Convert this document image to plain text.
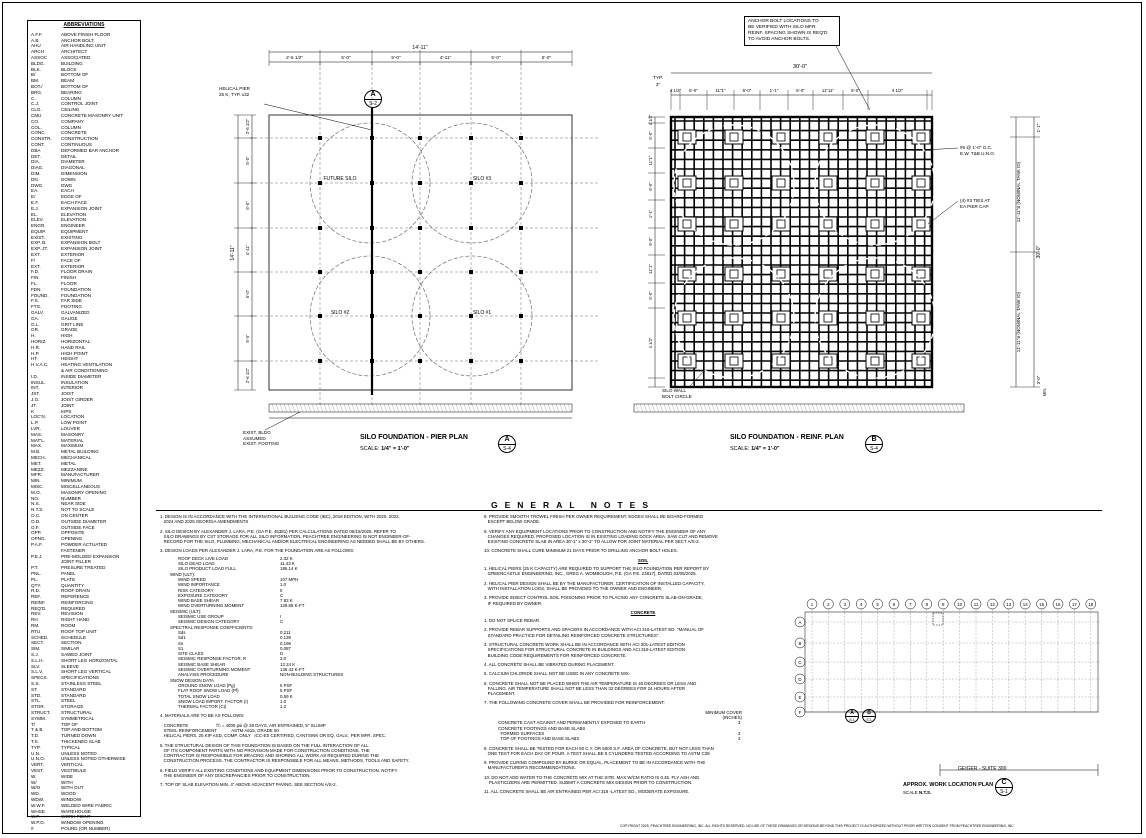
ABBREVIATIONS
A.F.F.	ABOVE FINISH FLOOR
A.B.	ANCHOR BOLT
AHU	AIR HANDLING UNIT
ARCH	ARCHITECT
ASSOC	ASSOCIATED
BLDG.	BUILDING
BLK.	BLOCK
B/	BOTTOM OF
BM.	BEAM
BOT./	BOTTOM OF
BRG.	BEARING
C.	COLUMN
C.J.	CONTROL JOINT
CLG.	CEILING
CMU	CONCRETE MASONRY UNIT
CO.	COMPANY
COL.	COLUMN
CONC.	CONCRETE
CONSTR.	CONSTRUCTION
CONT.	CONTINUOUS
DBA	DEFORMED BAR ANCHOR
DET.	DETAIL
DIA.	DIAMETER
DIAG.	DIAGONAL
DIM.	DIMENSION
DN.	DOWN
DWG	DWG
EA.	EACH
E/	EDGE OF
E.F.	EACH FACE
E.J.	EXPANSION JOINT
EL.	ELEVATION
ELEV.	ELEVATION
ENGR.	ENGINEER
EQUIP.	EQUIPMENT
EXIST.	EXISTING
EXP. B.	EXPANSION BOLT
EXP. JT.	EXPANSION JOINT
EXT.	EXTERIOR
F/	FACE OF
EXT.	EXTERIOR
F.D.	FLOOR DRAIN
FIN.	FINISH
FL.	FLOOR
FDN.	FOUNDATION
FOUND.	FOUNDATION
F.S.	FAR SIDE
FTG.	FOOTING
GALV.	GALVANIZED
GA.	GAUGE
G.L.	GRIT LINE
GR.	GRADE
H.	HIGH
HORIZ.	HORIZONTAL
H.R.	HAND RAIL
H.P.	HIGH POINT
HT.	HEIGHT
H.V.A.C.	HEATING VENTILATION
& AIR CONDITIONING
I.D.	INSIDE DIAMETER
INSUL.	INSULATION
INT.	INTERIOR
JST.	JOIST
J.G.	JOIST GIRDER
JT.	JOINT
K	KIPS
LOC'N.	LOCATION
L.P.	LOW POINT
LVR.	LOUVER
MAS.	MASONRY
MAT'L.	MATERIAL
MAX.	MAXIMUM
M.B.	METAL BUILDING
MECH.	MECHANICAL
MET.	METAL
MEZZ.	MEZZANINE
MFR.	MANUFACTURER
MIN.	MINIMUM
MISC.	MISCELLANEOUS
M.O.	MASONRY OPENING
NO.	NUMBER
N.S.	NEAR SIDE
N.T.S.	NOT TO SCALE
O.C.	ON CENTER
O.D.	OUTSIDE DIAMETER
O.F.	OUTSIDE FACE
OPP.	OPPOSITE
OPNG.	OPENING
P.A.F.	POWDER ACTUATED
FASTENER
P.E.J.	PRE-MOLDED EXPANSION
JOINT FILLER
P.T.	PRESURE TREATED
PNL.	PANEL
PL.	PLATE
QTY.	QUANTITY
R.D.	ROOF DRAIN
REF.	REFERENCE
REINF.	REINFORCING
REQ'D.	REQUIRED
REV.	REVISION
RH	RIGHT HAND
RM.	ROOM
RTU	ROOF TOP UNIT
SCHED.	SCHEDULE
SECT.	SECTION
SIM.	SIMILAR
S.J.	SAWED JOINT
S.L.H.	SHORT LEG HORIZONTAL
SLV.	SLEEVE
S.L.V.	SHORT LEG VERTICAL
SPECS.	SPECIFICATIONS
S.S.	STAINLESS STEEL
ST.	STANDARD
STD.	STANDARD
STL.	STEEL
STOR.	STORAGE
STRUCT.	STRUCTURAL
SYMM.	SYMMETRICAL
T/	TOP OF
T & B	TOP AND BOTTOM
T.D.	TURNED DOWN
T.S.	THICKENED SLAB
TYP.	TYPICAL
U.N.	UNLESS NOTED
U.N.O.	UNLESS NOTED OTHERWISE
VERT.	VERTICAL
VEST.	VESTIBULE
W.	WIDE
W/	WITH
W/O	WITH OUT
WD.	WOOD
WDW.	WINDOW
W.W.F.	WELDED WIRE FABRIC
WHSE.	WAREHOUSE
W.P.	WORK POINT
W.P.O.	WINDOW OPENING
#	POUND (OR NUMBER)
FUTURE SILO	SILO #3
SILO #2	SILO #1
14'-11"
2'-6 1/2"	5'-0"	5'-0"	4'-11"	5'-0"	5'-0"
14'-11"
2'-6 1/2"
5'-0"
5'-0"
4'-11"
5'-0"
5'-0"
2'-6 1/2"
30'-0"
4 1/2" 6'-0"	11"1"	6'-0"	1'-1"	6'-0"	11"11"	6'-0"	4 1/2"
TYP.
3"
4 1/2"
6'-0"
11"1"
6'-0"
1'-1"
6'-0"
11"1"
6'-0"
4 1/2"
30'-0"
11'-11"ø (NOMINAL TANK ID)
11'-11"ø (NOMINAL TANK ID)
1'-1"
3'-0"
MIN.
1	2	3	4	5	6	7	8	9	10	11	12	13	14	15	16	17	18
A
B
C
D
E
F
SILO FOUNDATION - PIER PLAN
SCALE: 1/4" = 1'-0"
A
S-4
A
S-2
HELICAL PIER
25 K, TYP. x32
EXIST. BLDG
ASSUMED
EXIST. FOOTING
SILO FOUNDATION - REINF. PLAN
SCALE: 1/4" = 1'-0"
B
S-4
ANCHOR BOLT LOCATIONS TO
BE VERIFIED WITH SILO MFR.
REINF. SPACING SHOWN IS REQ'D
TO AVOID ANCHOR BOLTS.
#6 @ 1'-0" O.C.
E.W. T&B U.N.O.
(4) #3 TIES AT
EA PIER CAP.
SILO WALL
BOLT CIRCLE
GENERAL NOTES

1. DESIGN IS IN ACCORDANCE WITH THE INTERNATIONAL BUILDING CODE (IBC), 2018 EDITION, WITH 2020, 2022,
2024 AND 2025 GEORGIA AMENDMENTS

2. SILO DESIGN BY ALEXANDER J. LARA, P.E. (GA P.E. 45381) PER CALCULATIONS DATED 05/15/2025. REFER TO
SILO DRAWINGS BY CST STORAGE FOR ALL SILO INFORMATION. PEACHTREE ENGINEERING IS NOT ENGINEER-OF-
RECORD FOR THE SILO, PLUMBING, MECHANICAL AND/OR ELECTRICAL ENGINEERING AS NEEDED SHALL BE BY OTHERS.

3. DESIGN LOADS PER ALEXANDER J. LARA, P.E. FOR THE FOUNDATION ARE AS FOLLOWS:

ROOF DECK LIVE LOAD	2.32 K
SILO DEAD LOAD	11.43 K
SILO PRODUCT LOAD FULL	186.14 K
WIND (ULT):
WIND SPEED	107 MPH
WIND IMPORTANCE	1.0
RISK CATEGORY	II
EXPOSURE CATEGORY	C
WIND BASE SHEAR	7.93 K
WIND OVERTURNING MOMENT	129.85 K-FT
SEISMIC (ULT):
SEISMIC USE GROUP	I
SEISMIC DESIGN CATEGORY	C
SPECTRAL RESPONSE COEFFICIENTS:
Sds	0.211
Sd1	0.139
Ss	0.196
S1	0.087
SITE CLASS	D
SEISMIC RESPONSE FACTOR, R	3.0
SEISMIC BASE SHEAR	12.24 K
SEISMIC OVERTURNING MOMENT	136.43 K-FT
ANALYSIS PROCEDURE	NON-BUILDING STRUCTURES
SNOW DESIGN DATA
GROUND SNOW LOAD (Pg)	5 PSF
FLAT ROOF SNOW LOAD (Pf)	5 PSF
TOTAL SNOW LOAD	0.59 K
SNOW LOAD IMPORT. FACTOR (I)	1.0
THERMAL FACTOR (Ct)	1.2

4. MATERIALS ARE TO BE AS FOLLOWS:

CONCRETE                       f'c = 4000 psi @ 28 DAYS, AIR ENTRAINED, 5" SLUMP
STEEL REINFORCEMENT            ASTM A615, GRADE 60
HELICAL PIERS, 25 KIP ASD, COMP. ONLY   ICC-ES CERTIFIED, CANTSINK OR EQ. GALV., PER MFR. SPEC.

5. THE STRUCTURAL DESIGN OF THIS FOUNDATION IS BASED ON THE FULL INTERACTION OF ALL
OF ITS COMPONENT PARTS WITH NO PROVISION MADE FOR CONSTRUCTION CONDITIONS. THE
CONTRACTOR IS RESPONSIBLE FOR BRACING AND SHORING ALL WORK AS REQUIRED DURING THE
CONSTRUCTION PROCESS. THE CONTRACTOR IS RESPONSIBLE FOR ALL MEANS, METHODS, TOOLS AND SAFETY.

6. FIELD VERIFY ALL EXISTING CONDITIONS AND EQUIPMENT DIMENSIONS PRIOR TO CONSTRUCTION. NOTIFY
THE ENGINEER OF ANY DISCREPANCIES PRIOR TO CONSTRUCTION.

7. TOP OF SLAB ELEVATION MIN. 4" ABOVE ADJACENT PAVING. SEE SECTION A/S-2.

8. PROVIDE SMOOTH TROWEL FINISH PER OWNER REQUIREMENT. EDGES SHALL BE BOARD-FORMED
EXCEPT BELOW GRADE.

9. VERIFY ANY EQUIPMENT LOCATIONS PRIOR TO CONSTRUCTION AND NOTIFY THE ENGINEER OF ANY
CHANGES REQUIRED. PROPOSED LOCATION IS IN EXISTING LOADING DOCK AREA. SAW CUT AND REMOVE
EXISTING CONCRETE SLAB IN AREA 30'-1" x 30'-1" TO ALLOW FOR JOINT MATERIAL PER SECT A/S-2.

10. CONCRETE SHALL CURE MINIMUM 21 DAYS PRIOR TO DRILLING ANCHOR BOLT HOLES.

SOIL

1. HELICAL PIERS (25 K CAPACITY) ARE REQUIRED TO SUPPORT THE SILO FOUNDATION PER REPORT BY
GREENCASTLE ENGINEERING, INC., GREG A. WOMBOUGH, P.E. (GA P.E. 23817), DATED 03/05/2025.

2. HELICAL PIER DESIGN SHALL BE BY THE MANUFACTURER. CERTIFICATION OF INSTALLED CAPACITY,
WITH INSTALLATION LOGS, SHALL BE PROVIDED TO THE OWNER AND ENGINEER.

3. PROVIDE INSECT CONTROL SOIL POISONING PRIOR TO PLACING ANY CONCRETE SLAB-ON-GRADE,
IF REQUIRED BY OWNER.

CONCRETE

1. DO NOT SPLICE REBAR.

2. PROVIDE REBAR SUPPORTS AND SPACERS IN ACCORDANCE WITH ACI 315-LATEST ED. "MANUAL OF
STANDARD PRACTICE FOR DETAILING REINFORCED CONCRETE STRUCTURES".

3. STRUCTURAL CONCRETE WORK SHALL BE IN ACCORDANCE WITH ACI 301-LATEST EDITION
SPECIFICATIONS FOR STRUCTURAL CONCRETE IN BUILDINGS AND ACI 318-LATEST EDITION
BUILDING CODE REQUIREMENTS FOR REINFORCED CONCRETE.

4. ALL CONCRETE SHALL BE VIBRATED DURING PLACEMENT.

5. CALCIUM CHLORIDE SHALL NOT BE USED IN ANY CONCRETE MIX.

6. CONCRETE SHALL NOT BE PLACED WHEN THE AIR TEMPERATURE IS 40 DEGREES OR LESS AND
FALLING. AIR TEMPERATURE SHALL NOT BE LESS THAN 32 DEGREES FOR 24 HOURS AFTER
PLACEMENT.

7. THE FOLLOWING CONCRETE COVER SHALL BE PROVIDED FOR REINFORCEMENT:

MINIMUM COVER
(INCHES)
CONCRETE CAST AGAINST AND PERMANENTLY EXPOSED TO EARTH	3
CONCRETE FOOTINGS AND BASE SLABS
FORMED SURFACES	2
TOP OF FOOTINGS AND BASE SLABS	2

8. CONCRETE SHALL BE TESTED FOR EACH 50 C.Y. OR 5000 S.F. AREA OF CONCRETE, BUT NOT LESS THAN
ONE TEST FOR EACH DAY OF POUR. A TEST SHALL BE 5 CYLINDERS TESTED ACCORDING TO ASTM C39.

9. PROVIDE CURING COMPOUND BY BURKE OR EQUAL. PLACEMENT TO BE IN ACCORDANCE WITH THE
MANUFACTURER'S RECOMMENDATIONS.

10. DO NOT ADD WATER TO THE CONCRETE MIX AT THE SITE. MAX W/CM RATIO IS 0.45. FLY ASH AND
PLASTICIZERS ARE PERMITTED. SUBMIT A CONCRETE MIX DESIGN PRIOR TO CONSTRUCTION.

11. ALL CONCRETE SHALL BE AIR ENTRAINED PER ACI 318 -LATEST ED., MODERATE EXPOSURE.

APPROX. WORK LOCATION PLAN
SCALE N.T.S.
C
S-1
GEIGER - SUITE 300
A
S-1
B
S-1
COPYRIGHT 2025, PEACHTREE ENGINEERING, INC. ALL RIGHTS RESERVED. NO USE OF THESE DRAWINGS OR DESIGNS BEYOND THIS PROJECT IS AUTHORIZED WITHOUT PRIOR WRITTEN CONSENT FROM PEACHTREE ENGINEERING, INC.
